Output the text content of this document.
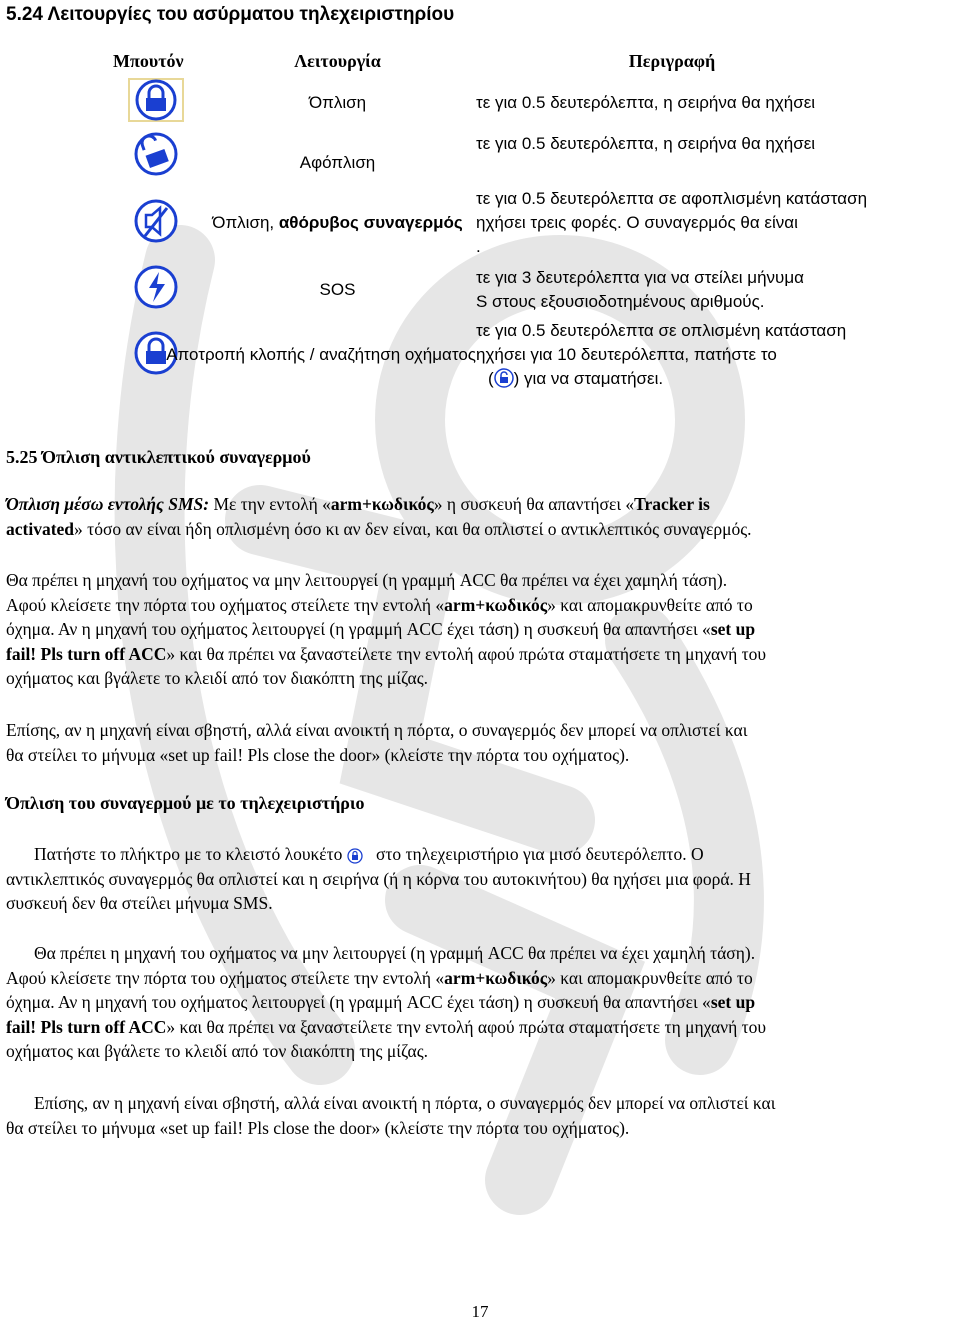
5.24 Λειτουργίες του ασύρματου τηλεχειριστηρίου
Μπουτόν	Λειτουργία	Περιγραφή
	Όπλιση	τε για 0.5 δευτερόλεπτα, η σειρήνα θα ηχήσει

	Αφόπλιση	τε για 0.5 δευτερόλεπτα, η σειρήνα θα ηχήσει

	Όπλιση, αθόρυβος συναγερμός	τε για 0.5 δευτερόλεπτα σε αφοπλισμένη κατάσταση
ηχήσει τρεις φορές. Ο συναγερμός θα είναι
.

	SOS	τε για 3 δευτερόλεπτα για να στείλει μήνυμα
S στους εξουσιοδοτημένους αριθμούς.

	Αποτροπή κλοπής / αναζήτηση οχήματος	τε για 0.5 δευτερόλεπτα σε οπλισμένη κατάσταση
ηχήσει για 10 δευτερόλεπτα, πατήστε το
( ) για να σταματήσει.
5.25 Όπλιση αντικλεπτικού συναγερμού
Όπλιση μέσω εντολής SMS: Με την εντολή «arm+κωδικός» η συσκευή θα απαντήσει «Tracker is
activated» τόσο αν είναι ήδη οπλισμένη όσο κι αν δεν είναι, και θα οπλιστεί ο αντικλεπτικός συναγερμός.
Θα πρέπει η μηχανή του οχήματος να μην λειτουργεί (η γραμμή ACC θα πρέπει να έχει χαμηλή τάση).
Αφού κλείσετε την πόρτα του οχήματος στείλετε την εντολή «arm+κωδικός» και απομακρυνθείτε από το
όχημα. Αν η μηχανή του οχήματος λειτουργεί (η γραμμή ACC έχει τάση) η συσκευή θα απαντήσει «set up
fail! Pls turn off ACC» και θα πρέπει να ξαναστείλετε την εντολή αφού πρώτα σταματήσετε τη μηχανή του
οχήματος και βγάλετε το κλειδί από τον διακόπτη της μίζας.
Επίσης, αν η μηχανή είναι σβηστή, αλλά είναι ανοικτή η πόρτα, ο συναγερμός δεν μπορεί να οπλιστεί και
θα στείλει το μήνυμα «set up fail! Pls close the door» (κλείστε την πόρτα του οχήματος).
Όπλιση του συναγερμού με το τηλεχειριστήριο
Πατήστε το πλήκτρο με το κλειστό λουκέτο στο τηλεχειριστήριο για μισό δευτερόλεπτο. Ο
αντικλεπτικός συναγερμός θα οπλιστεί και η σειρήνα (ή η κόρνα του αυτοκινήτου) θα ηχήσει μια φορά. Η
συσκευή δεν θα στείλει μήνυμα SMS.
Θα πρέπει η μηχανή του οχήματος να μην λειτουργεί (η γραμμή ACC θα πρέπει να έχει χαμηλή τάση).
Αφού κλείσετε την πόρτα του οχήματος στείλετε την εντολή «arm+κωδικός» και απομακρυνθείτε από το
όχημα. Αν η μηχανή του οχήματος λειτουργεί (η γραμμή ACC έχει τάση) η συσκευή θα απαντήσει «set up
fail! Pls turn off ACC» και θα πρέπει να ξαναστείλετε την εντολή αφού πρώτα σταματήσετε τη μηχανή του
οχήματος και βγάλετε το κλειδί από τον διακόπτη της μίζας.
Επίσης, αν η μηχανή είναι σβηστή, αλλά είναι ανοικτή η πόρτα, ο συναγερμός δεν μπορεί να οπλιστεί και
θα στείλει το μήνυμα «set up fail! Pls close the door» (κλείστε την πόρτα του οχήματος).
17
